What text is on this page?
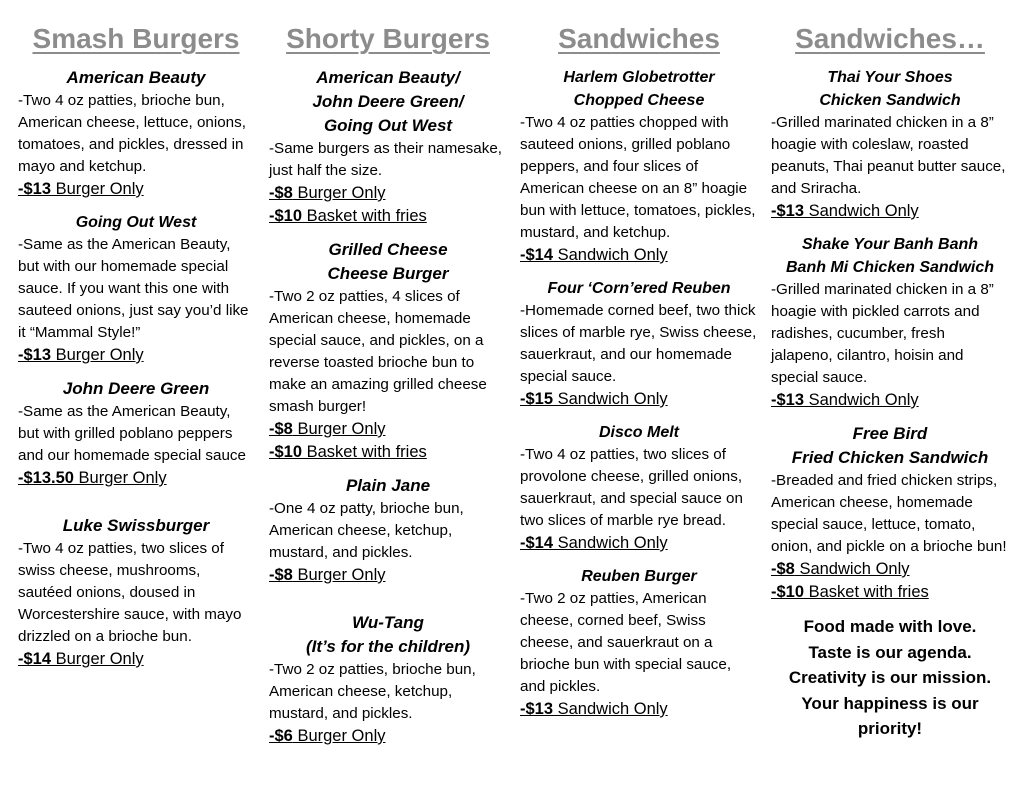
Smash Burgers
American Beauty
-Two 4 oz patties, brioche bun, American cheese, lettuce, onions, tomatoes, and pickles, dressed in mayo and ketchup.
-$13 Burger Only
Going Out West
-Same as the American Beauty, but with our homemade special sauce. If you want this one with sauteed onions, just say you’d like it “Mammal Style!”
-$13 Burger Only
John Deere Green
-Same as the American Beauty, but with grilled poblano peppers and our homemade special sauce
-$13.50 Burger Only
Luke Swissburger
-Two 4 oz patties, two slices of swiss cheese, mushrooms, sautéed onions, doused in Worcestershire sauce, with mayo drizzled on a brioche bun.
-$14 Burger Only
Shorty Burgers
American Beauty/
John Deere Green/
Going Out West
-Same burgers as their namesake, just half the size.
-$8 Burger Only
-$10 Basket with fries
Grilled Cheese
Cheese Burger
-Two 2 oz patties, 4 slices of American cheese, homemade special sauce, and pickles, on a reverse toasted brioche bun to make an amazing grilled cheese smash burger!
-$8 Burger Only
-$10 Basket with fries
Plain Jane
-One 4 oz patty, brioche bun, American cheese, ketchup, mustard, and pickles.
-$8 Burger Only
Wu-Tang
(It’s for the children)
-Two 2 oz patties, brioche bun, American cheese, ketchup, mustard, and pickles.
-$6 Burger Only
Sandwiches
Harlem Globetrotter
Chopped Cheese
-Two 4 oz patties chopped with sauteed onions, grilled poblano peppers, and four slices of American cheese on an 8” hoagie bun with lettuce, tomatoes, pickles, mustard, and ketchup.
-$14 Sandwich Only
Four ‘Corn’ered Reuben
-Homemade corned beef, two thick slices of marble rye, Swiss cheese, sauerkraut, and our homemade special sauce.
-$15 Sandwich Only
Disco Melt
-Two 4 oz patties, two slices of provolone cheese, grilled onions, sauerkraut, and special sauce on two slices of marble rye bread.
-$14 Sandwich Only
Reuben Burger
-Two 2 oz patties, American cheese, corned beef, Swiss cheese, and sauerkraut on a brioche bun with special sauce, and pickles.
-$13 Sandwich Only
Sandwiches…
Thai Your Shoes
Chicken Sandwich
-Grilled marinated chicken in a 8” hoagie with coleslaw, roasted peanuts, Thai peanut butter sauce, and Sriracha.
-$13 Sandwich Only
Shake Your Banh Banh
Banh Mi Chicken Sandwich
-Grilled marinated chicken in a 8” hoagie with pickled carrots and radishes, cucumber, fresh jalapeno, cilantro, hoisin and special sauce.
-$13 Sandwich Only
Free Bird
Fried Chicken Sandwich
-Breaded and fried chicken strips, American cheese, homemade special sauce, lettuce, tomato, onion, and pickle on a brioche bun!
-$8 Sandwich Only
-$10 Basket with fries
Food made with love.
Taste is our agenda.
Creativity is our mission.
Your happiness is our
priority!
